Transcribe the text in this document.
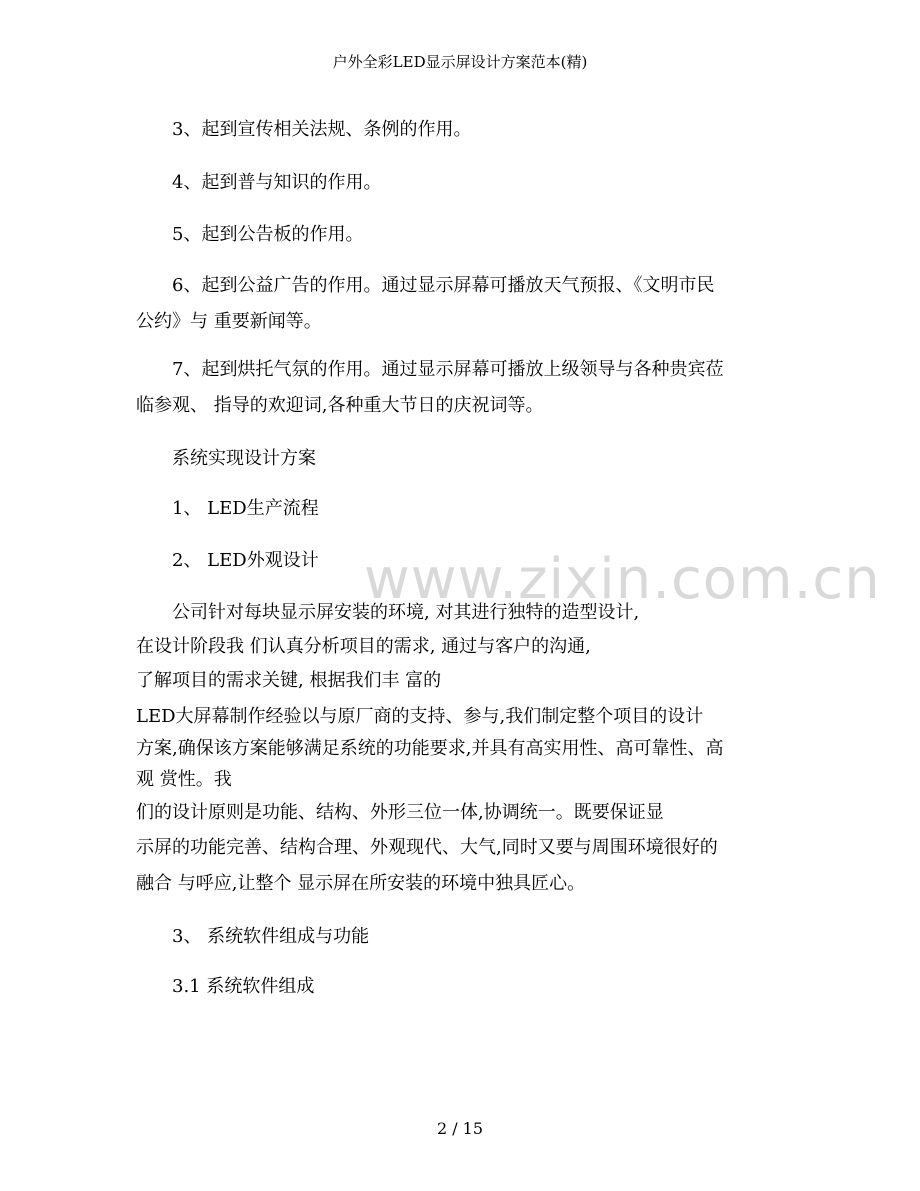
户外全彩LED显示屏设计方案范本(精)
www.zixin.com.cn
3、起到宣传相关法规、条例的作用。
4、起到普与知识的作用。
5、起到公告板的作用。
6、起到公益广告的作用。通过显示屏幕可播放天气预报、《文明市民
公约》与 重要新闻等。
7、起到烘托气氛的作用。通过显示屏幕可播放上级领导与各种贵宾莅
临参观、 指导的欢迎词,各种重大节日的庆祝词等。
系统实现设计方案
1、 LED生产流程
2、 LED外观设计
公司针对每块显示屏安装的环境, 对其进行独特的造型设计,
在设计阶段我 们认真分析项目的需求, 通过与客户的沟通,
了解项目的需求关键, 根据我们丰 富的
LED大屏幕制作经验以与原厂商的支持、参与,我们制定整个项目的设计
方案,确保该方案能够满足系统的功能要求,并具有高实用性、高可靠性、高
观 赏性。我
们的设计原则是功能、结构、外形三位一体,协调统一。既要保证显
示屏的功能完善、结构合理、外观现代、大气,同时又要与周围环境很好的
融合 与呼应,让整个 显示屏在所安装的环境中独具匠心。
3、 系统软件组成与功能
3.1 系统软件组成
2 / 15
